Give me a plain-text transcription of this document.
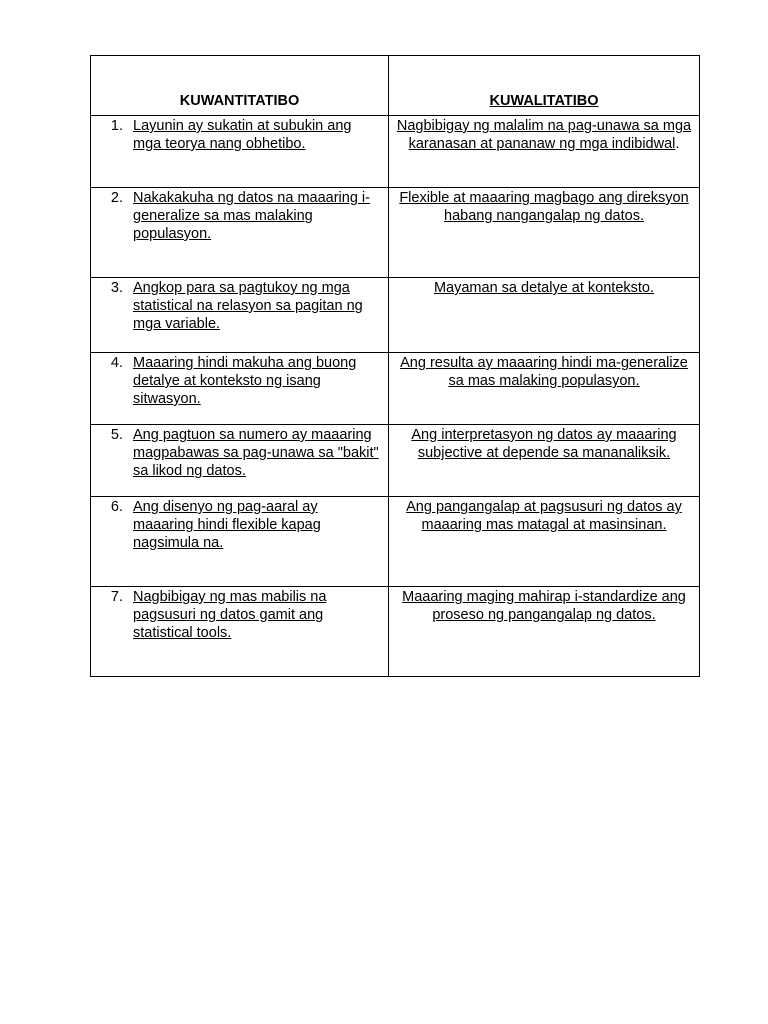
KUWANTITATIBO	KUWALITATIBO

1. Layunin ay sukatin at subukin ang mga teorya nang obhetibo.	Nagbibigay ng malalim na pag-unawa sa mga karanasan at pananaw ng mga indibidwal.

2. Nakakakuha ng datos na maaaring i-generalize sa mas malaking populasyon.	Flexible at maaaring magbago ang direksyon habang nangangalap ng datos.

3. Angkop para sa pagtukoy ng mga statistical na relasyon sa pagitan ng mga variable.	Mayaman sa detalye at konteksto.

4. Maaaring hindi makuha ang buong detalye at konteksto ng isang sitwasyon.	Ang resulta ay maaaring hindi ma-generalize sa mas malaking populasyon.

5. Ang pagtuon sa numero ay maaaring magpabawas sa pag-unawa sa "bakit" sa likod ng datos.	Ang interpretasyon ng datos ay maaaring subjective at depende sa mananaliksik.

6. Ang disenyo ng pag-aaral ay maaaring hindi flexible kapag nagsimula na.	Ang pangangalap at pagsusuri ng datos ay maaaring mas matagal at masinsinan.

7. Nagbibigay ng mas mabilis na pagsusuri ng datos gamit ang statistical tools.	Maaaring maging mahirap i-standardize ang proseso ng pangangalap ng datos.
